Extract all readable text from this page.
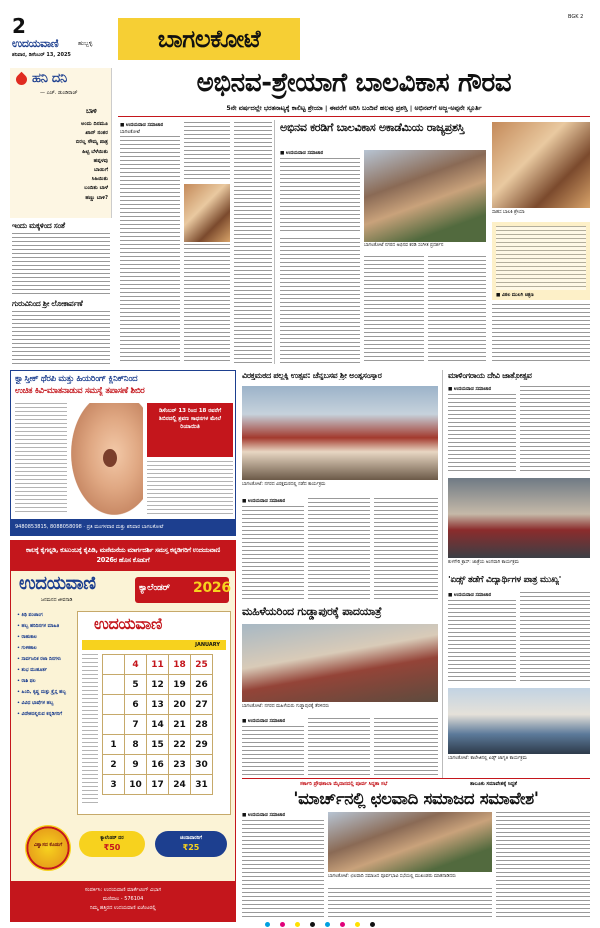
2
ಉದಯವಾಣಿ	ಹುಬ್ಬಳ್ಳಿ
ಶನಿವಾರ, ಡಿಸೆಂಬರ್ 13, 2025
ಬಾಗಲಕೋಟೆ
BGK 2
ಹನಿ ದನಿ
— ಎಚ್. ಡುಂಡಿರಾಜ್
ಬಾಳಿ
ಅಂದು ದಿನಮೂ
ಖಾನ್ ನಂತರ
ಬಿರಲ್ಲ ಸೌಮ್ಯ ಪಾತ್ರ
ಹಿಟ್ಟಿ ಬೆಳೆಯಿತು
ಹಪ್ಪಳವು
ಬಾಯಿಗೆ
ಸಿಹಿಯಿತು
ಬಂದಿತು ಬಾಳೆ
ಹಣ್ಣು ಬಾಳಿ?
ಇಂದು ಮಕ್ಕಳಿಂದ ಸಂತೆ
ಗುರುವಿನಿಂದ ಶ್ರೀ ಲೋಕಾರ್ಪಣೆ
ಅಭಿನವ-ಶ್ರೇಯಾಗೆ ಬಾಲವಿಕಾಸ ಗೌರವ
5ನೇ ವರ್ಷದಲ್ಲೇ ಭರತನಾಟ್ಯಕ್ಕೆ ಕಾಲಿಟ್ಟ ಶ್ರೇಯಾ | ಈವರೆಗೆ ಅರಿಸಿ ಬಂದಿವೆ ಹಲವು ಪ್ರಶಸ್ತಿ | ಅಭಿನವ್‌ಗೆ ಅಜ್ಜ-ಅಪ್ಪನೇ ಸ್ಫೂರ್ತಿ
■ ಉದಯವಾಣಿ ಸಮಾಚಾರ
ಬಾಗಲಕೋಟೆ	ಅಭಿನವ ಕರಡಿಗೆ ಬಾಲವಿಕಾಸ ಅಕಾಡೆಮಿಯ ರಾಜ್ಯಪ್ರಶಸ್ತಿ
■ ಉದಯವಾಣಿ ಸಮಾಚಾರ
ಬಾಗಲಕೋಟೆ ನಗರದ ಅಭಿನವ ಕರಡಿ ಸಂಗೀತ ಪ್ರದರ್ಶನ
ಸಾಹಸ ಬಾಲಕಿ ಶ್ರೇಯಾ
■ ವಿಠಲ ಮುಲಗಿ ಚಿತ್ರಣ
ಕ್ವ್ಯಾಸ್ತೀಕ್ ಥೆರಪಿ ಮತ್ತು ಹಿಯರಿಂಗ್ ಕ್ಲಿನಿಕ್‌ನಿಂದ
ಉಚಿತ ಕಿವಿ-ಮಾತನಾಡುವ ಸಮಸ್ಯೆ ತಪಾಸಣೆ ಶಿಬಿರ
ಡಿಸೆಂಬರ್ 13 ರಿಂದ 18 ರವರೆಗೆ
ಶಿಬಿರದಲ್ಲಿ ಶ್ರವಣ ಸಾಧನಗಳ ಮೇಲೆ ರಿಯಾಯಿತಿ
9480853815, 8088058098 · ಪ್ರತಿ ಮಂಗಳವಾರ ಮತ್ತು ಶನಿವಾರ ಬಾಗಲಕೋಟೆ
ಕಾಲಕ್ಕೆ ಕೈಗನ್ನಡಿ, ಕುಟುಂಬಕ್ಕೆ ಕೈಪಿಡಿ, ಮನೆಮನೆಯ ಮಾರ್ಗದರ್ಶಿ ಸಮಸ್ತ ಕನ್ನಡಿಗರಿಗೆ ಉದಯವಾಣಿ 2026ರ ಹೊಸ ಕೊಡುಗೆ
ಉದಯವಾಣಿ
ಜನಮನದ ಜೀವನಾಡಿ
ಕ್ಯಾಲೆಂಡರ್ 2026
• ತಿಥಿ ಪಂಚಾಂಗ
• ಹಬ್ಬ ಹರಿದಿನಗಳ ಮಾಹಿತಿ
• ರಾಹುಕಾಲ
• ಗುಳಿಕಕಾಲ
• ಸಾರ್ವಜನಿಕ ರಜಾ ದಿನಗಳು
• ಶುಭ ಮುಹೂರ್ತ
• ರಾಶಿ ಫಲ
• ಹಿಂದಿ, ಕೃಷ್ಣ ಮತ್ತು ಕ್ರೈಸ್ತ ಹಬ್ಬ
• ವಿವಿಧ ಭಾಷೆಗಳ ಹಬ್ಬ
• ವಿದೇಶದಲ್ಲಿರುವ ಕನ್ನಡಿಗರಿಗೆ
ಉದಯವಾಣಿ
JANUARY
	4	11	18	25
	5	12	19	26
	6	13	20	27
	7	14	21	28
1	8	15	22	29
2	9	16	23	30
3	10	17	24	31
ವಿಶ್ವಾಸದ ಕೊಡುಗೆ
ಕ್ಯಾಲೆಂಡರ್ ದರ
₹50
ಚಂದಾದಾರರಿಗೆ
₹25
ಸಂಪರ್ಕಿಸಿ: ಉದಯವಾಣಿ ಮಾರ್ಕೆಟಿಂಗ್ ವಿಭಾಗ
ಮಣಿಪಾಲ - 576104
ನಿಮ್ಮ ಹತ್ತಿರದ ಉದಯವಾಣಿ ಏಜೆಂಟರಲ್ಲಿ
ವಿರಕ್ತಮಠದ ಪಲ್ಲಕ್ಕಿ ಉತ್ಸವ: ಚೆನ್ನಬಸವ ಶ್ರೀ ಅಂತ್ಯಸಂಸ್ಕಾರ
ಬಾಗಲಕೋಟೆ: ನಗರದ ವಿರಕ್ತಮಠದಲ್ಲಿ ನಡೆದ ಕಾರ್ಯಕ್ರಮ
■ ಉದಯವಾಣಿ ಸಮಾಚಾರ
ಮಹಿಳೆಯರಿಂದ ಗುಡ್ಡಾಪುರಕ್ಕೆ ಪಾದಯಾತ್ರೆ
ಬಾಗಲಕೋಟೆ: ನಗರದ ಮಹಿಳೆಯರು ಗುಡ್ಡಾಪುರಕ್ಕೆ ತೆರಳಿದರು
■ ಉದಯವಾಣಿ ಸಮಾಚಾರ
ಮಾಳಿಂಗರಾಯ ದೇವಿ ಜಾತ್ರೋತ್ಸವ
■ ಉದಯವಾಣಿ ಸಮಾಚಾರ
ಕುಳಗೇರಿ ಕ್ರಾಸ್: ಜಾತ್ರೆಯ ಅಂಗವಾಗಿ ಕಾರ್ಯಕ್ರಮ
'ಏಡ್ಸ್ ತಡೆಗೆ ವಿದ್ಯಾರ್ಥಿಗಳ ಪಾತ್ರ ಮುಖ್ಯ'
■ ಉದಯವಾಣಿ ಸಮಾಚಾರ
ಬಾಗಲಕೋಟೆ: ಕಾಲೇಜಿನಲ್ಲಿ ಏಡ್ಸ್ ಜಾಗೃತಿ ಕಾರ್ಯಕ್ರಮ
ಸರ್ಕಾರಿ ಪ್ರೌಢಶಾಲಾ ಮೈದಾನದಲ್ಲಿ ಪೂರ್ವ ಸಿದ್ಧತಾ ಸಭೆ	ತಾಲೂಕು ಸಮಾವೇಶಕ್ಕೆ ಸಿದ್ಧತೆ
'ಮಾರ್ಚ್‌ನಲ್ಲಿ ಛಲವಾದಿ ಸಮಾಜದ ಸಮಾವೇಶ'
■ ಉದಯವಾಣಿ ಸಮಾಚಾರ
ಬಾಗಲಕೋಟೆ: ಛಲವಾದಿ ಸಮಾಜದ ಪೂರ್ವಭಾವಿ ಸಭೆಯಲ್ಲಿ ಮುಖಂಡರು ಮಾತನಾಡಿದರು
